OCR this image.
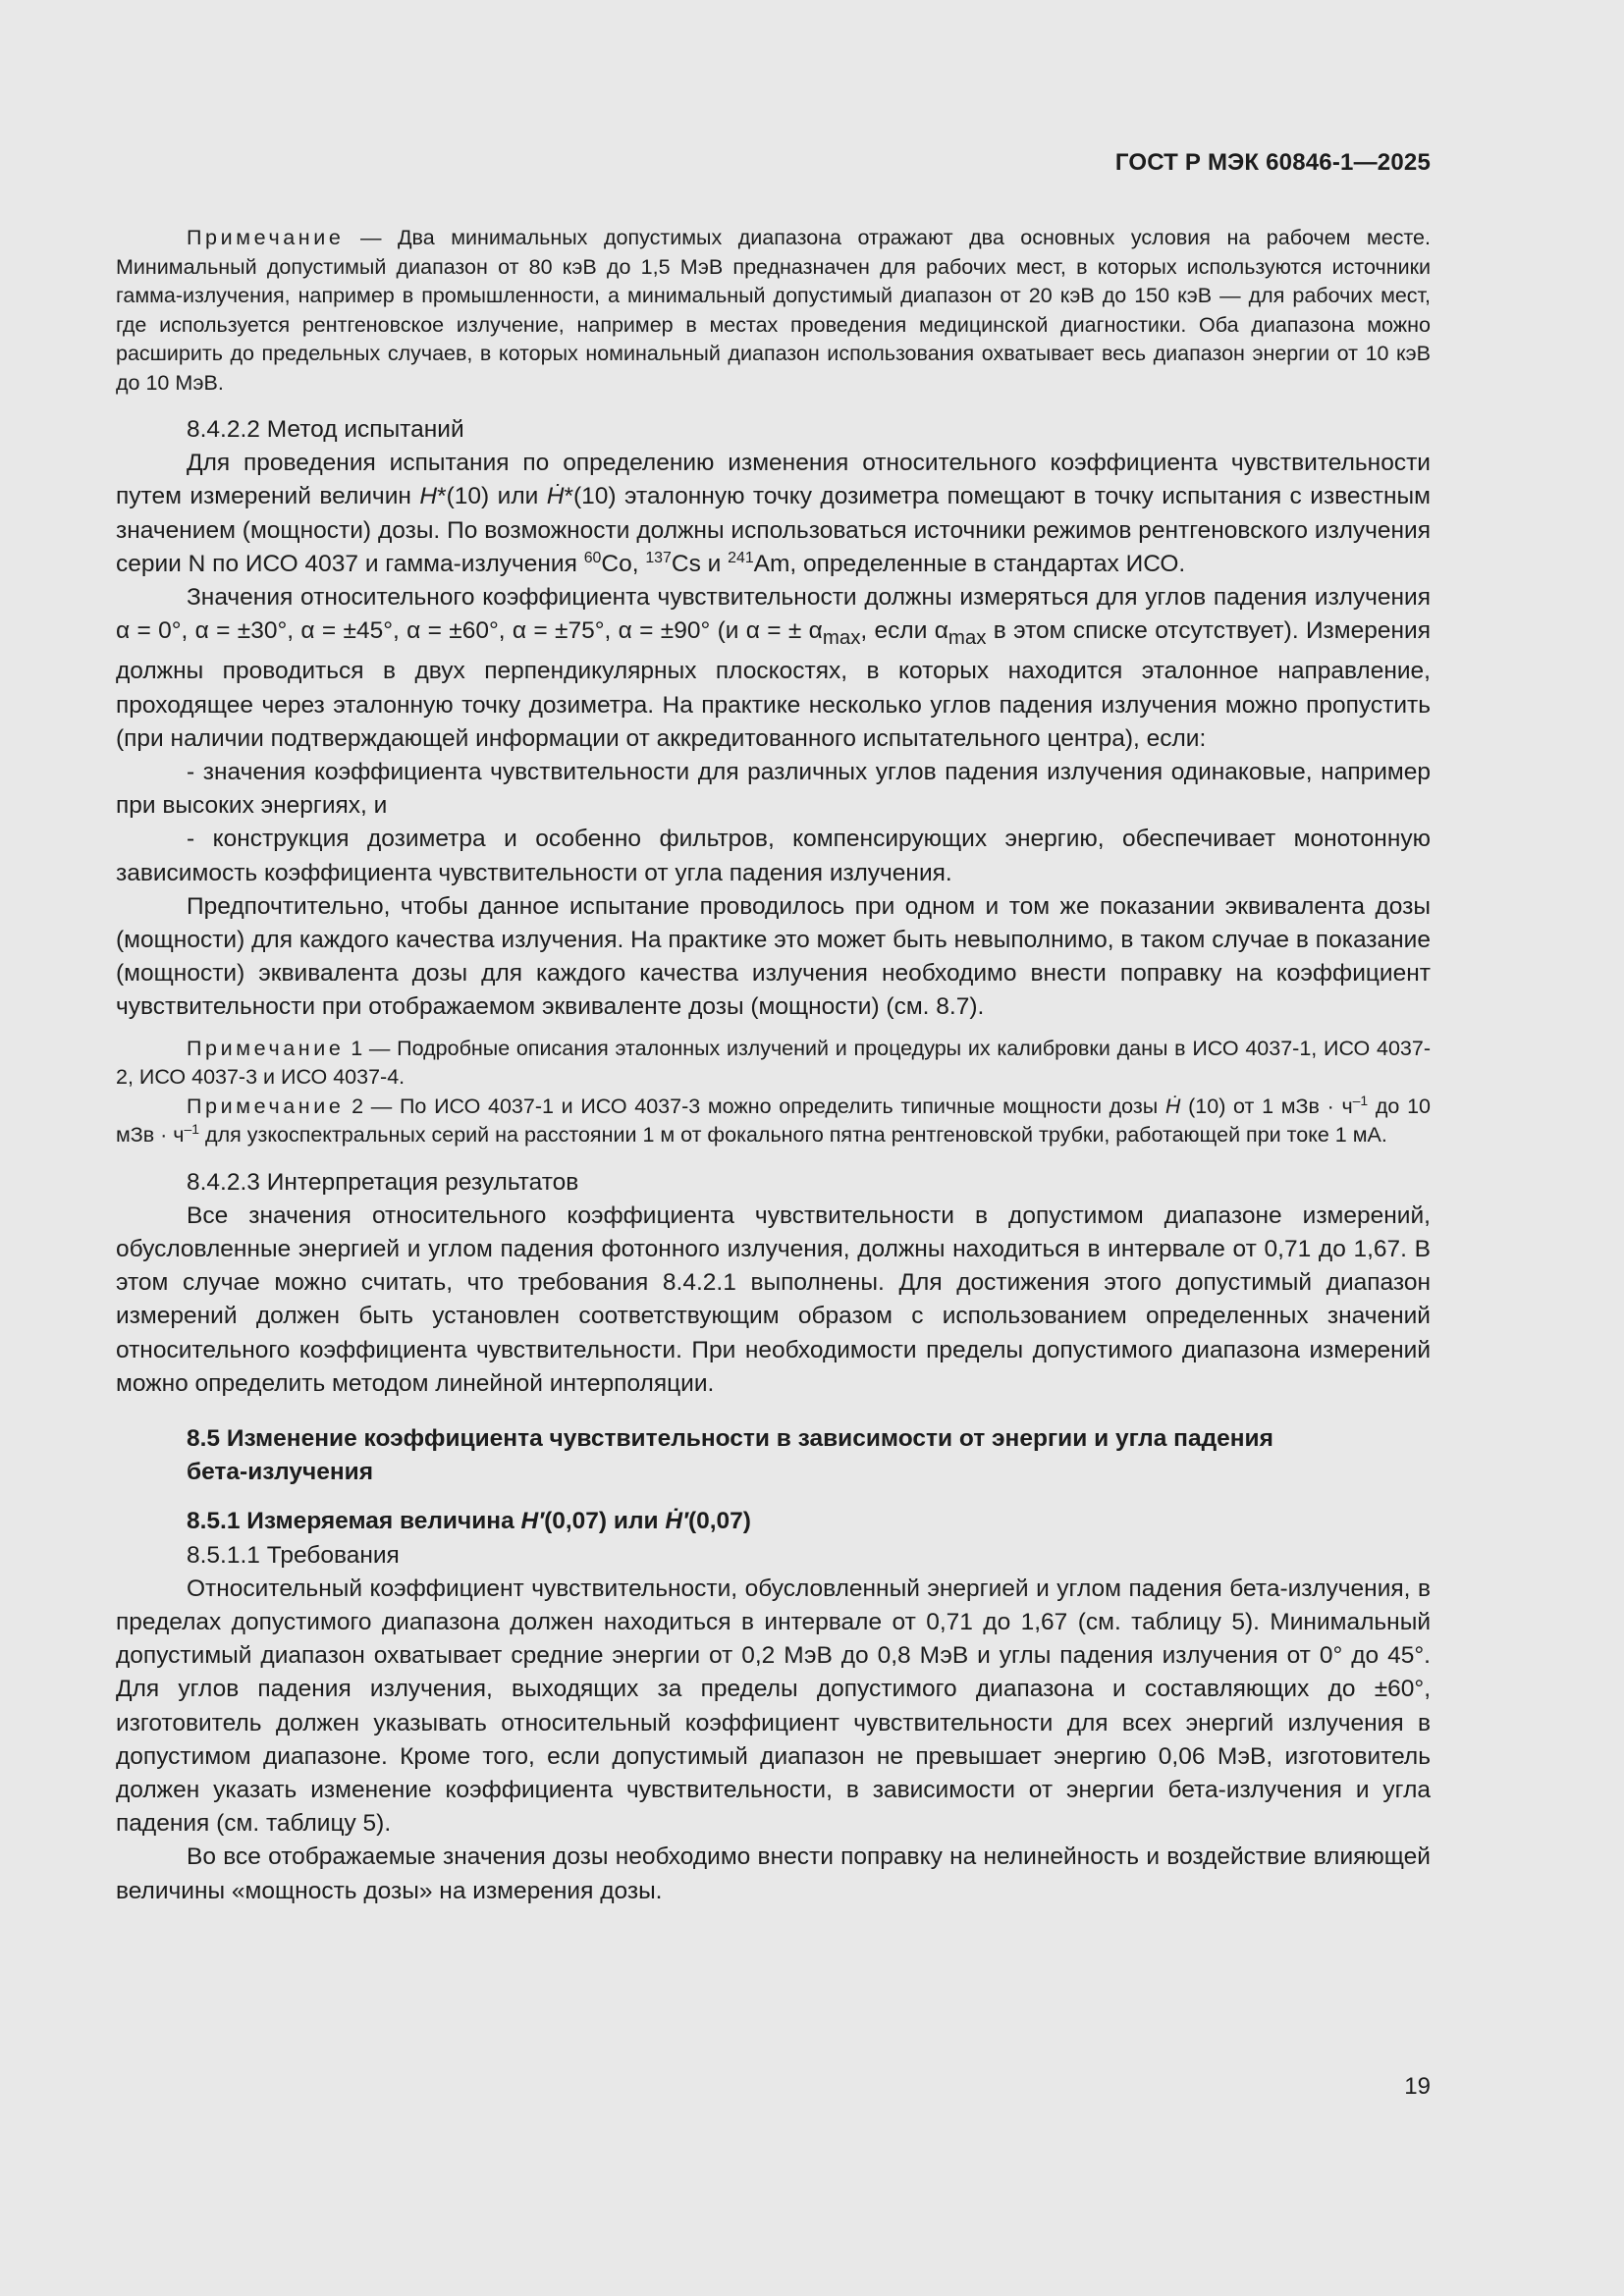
ГОСТ Р МЭК 60846-1—2025

Примечание — Два минимальных допустимых диапазона отражают два основных условия на рабочем месте. Минимальный допустимый диапазон от 80 кэВ до 1,5 МэВ предназначен для рабочих мест, в которых используются источники гамма-излучения, например в промышленности, а минимальный допустимый диапазон от 20 кэВ до 150 кэВ — для рабочих мест, где используется рентгеновское излучение, например в местах проведения медицинской диагностики. Оба диапазона можно расширить до предельных случаев, в которых номинальный диапазон использования охватывает весь диапазон энергии от 10 кэВ до 10 МэВ.

8.4.2.2 Метод испытаний

Для проведения испытания по определению изменения относительного коэффициента чувствительности путем измерений величин H*(10) или Ḣ*(10) эталонную точку дозиметра помещают в точку испытания с известным значением (мощности) дозы. По возможности должны использоваться источники режимов рентгеновского излучения серии N по ИСО 4037 и гамма-излучения $^{60}$Co, $^{137}$Cs и $^{241}$Am, определенные в стандартах ИСО.

Значения относительного коэффициента чувствительности должны измеряться для углов падения излучения α = 0°, α = ±30°, α = ±45°, α = ±60°, α = ±75°, α = ±90° (и α = ± $\alpha_{max}$, если $\alpha_{max}$ в этом списке отсутствует). Измерения должны проводиться в двух перпендикулярных плоскостях, в которых находится эталонное направление, проходящее через эталонную точку дозиметра. На практике несколько углов падения излучения можно пропустить (при наличии подтверждающей информации от аккредитованного испытательного центра), если:

- значения коэффициента чувствительности для различных углов падения излучения одинаковые, например при высоких энергиях, и

- конструкция дозиметра и особенно фильтров, компенсирующих энергию, обеспечивает монотонную зависимость коэффициента чувствительности от угла падения излучения.

Предпочтительно, чтобы данное испытание проводилось при одном и том же показании эквивалента дозы (мощности) для каждого качества излучения. На практике это может быть невыполнимо, в таком случае в показание (мощности) эквивалента дозы для каждого качества излучения необходимо внести поправку на коэффициент чувствительности при отображаемом эквиваленте дозы (мощности) (см. 8.7).

Примечание 1 — Подробные описания эталонных излучений и процедуры их калибровки даны в ИСО 4037-1, ИСО 4037-2, ИСО 4037-3 и ИСО 4037-4.

Примечание 2 — По ИСО 4037-1 и ИСО 4037-3 можно определить типичные мощности дозы Ḣ (10) от 1 мЗв · $ч^{-1}$ до 10 мЗв · $ч^{-1}$ для узкоспектральных серий на расстоянии 1 м от фокального пятна рентгеновской трубки, работающей при токе 1 мА.

8.4.2.3 Интерпретация результатов

Все значения относительного коэффициента чувствительности в допустимом диапазоне измерений, обусловленные энергией и углом падения фотонного излучения, должны находиться в интервале от 0,71 до 1,67. В этом случае можно считать, что требования 8.4.2.1 выполнены. Для достижения этого допустимый диапазон измерений должен быть установлен соответствующим образом с использованием определенных значений относительного коэффициента чувствительности. При необходимости пределы допустимого диапазона измерений можно определить методом линейной интерполяции.

8.5 Изменение коэффициента чувствительности в зависимости от энергии и угла падения
бета-излучения

8.5.1 Измеряемая величина H′(0,07) или Ḣ′(0,07)

8.5.1.1 Требования

Относительный коэффициент чувствительности, обусловленный энергией и углом падения бета-излучения, в пределах допустимого диапазона должен находиться в интервале от 0,71 до 1,67 (см. таблицу 5). Минимальный допустимый диапазон охватывает средние энергии от 0,2 МэВ до 0,8 МэВ и углы падения излучения от 0° до 45°. Для углов падения излучения, выходящих за пределы допустимого диапазона и составляющих до ±60°, изготовитель должен указывать относительный коэффициент чувствительности для всех энергий излучения в допустимом диапазоне. Кроме того, если допустимый диапазон не превышает энергию 0,06 МэВ, изготовитель должен указать изменение коэффициента чувствительности, в зависимости от энергии бета-излучения и угла падения (см. таблицу 5).

Во все отображаемые значения дозы необходимо внести поправку на нелинейность и воздействие влияющей величины «мощность дозы» на измерения дозы.

19
